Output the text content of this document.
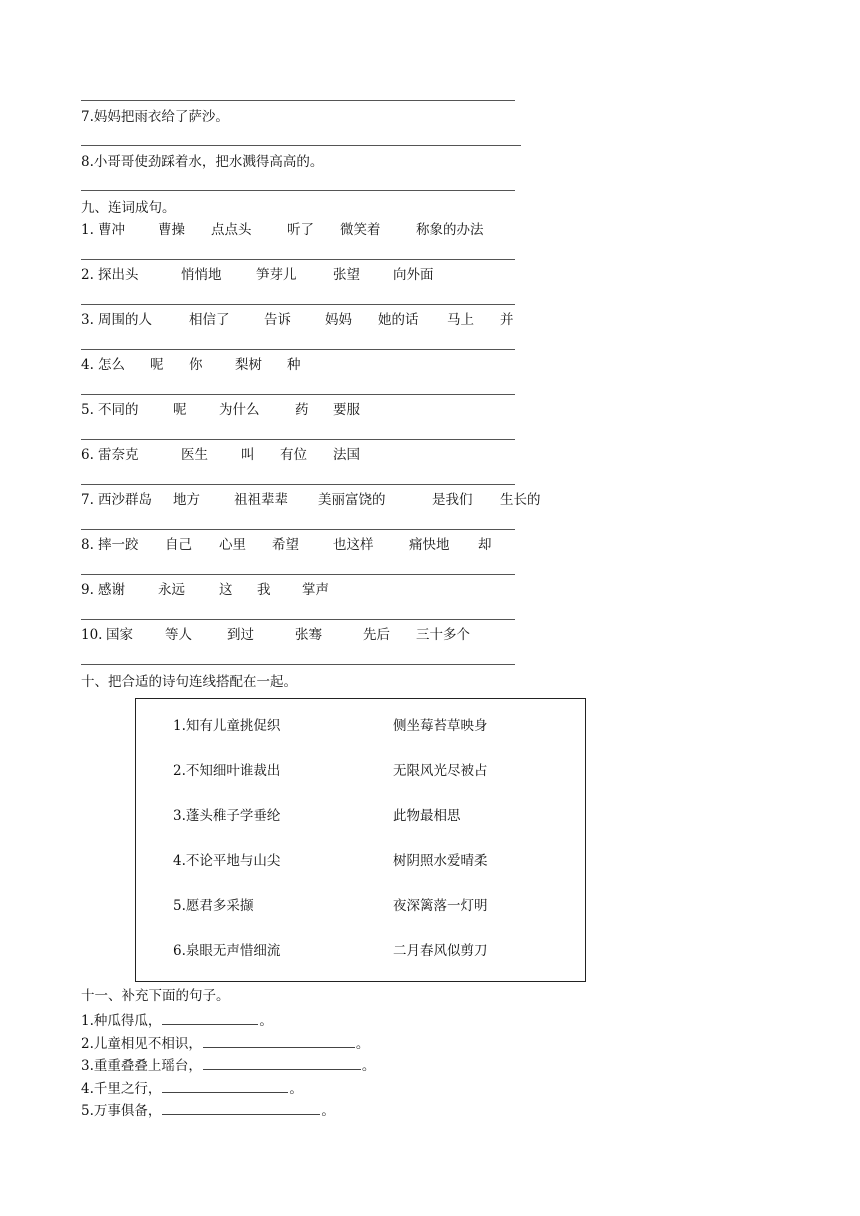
7.妈妈把雨衣给了萨沙。
8.小哥哥使劲踩着水，把水溅得高高的。
九、连词成句。
1. 曹冲 曹操 点点头	听了 微笑着	称象的办法
2. 探出头	悄悄地	笋芽儿	张望 向外面
3. 周围的人	相信了	告诉	妈妈 她的话 马上 并
4. 怎么 呢 你 梨树 种
5. 不同的	呢 为什么	药 要服
6. 雷奈克	医生 叫 有位 法国
7. 西沙群岛 地方	祖祖辈辈 美丽富饶的	是我们 生长的
8. 摔一跤 自己 心里 希望	也这样	痛快地 却
9. 感谢 永远	这 我 掌声
10. 国家 等人	到过	张骞	先后 三十多个
十、把合适的诗句连线搭配在一起。
1.知有儿童挑促织	侧坐莓苔草映身
2.不知细叶谁裁出	无限风光尽被占
3.蓬头稚子学垂纶	此物最相思
4.不论平地与山尖	树阴照水爱晴柔
5.愿君多采撷	夜深篱落一灯明
6.泉眼无声惜细流	二月春风似剪刀
十一、补充下面的句子。
1.种瓜得瓜，	。
2.儿童相见不相识，	。
3.重重叠叠上瑶台，	。
4.千里之行，	。
5.万事俱备，	。
